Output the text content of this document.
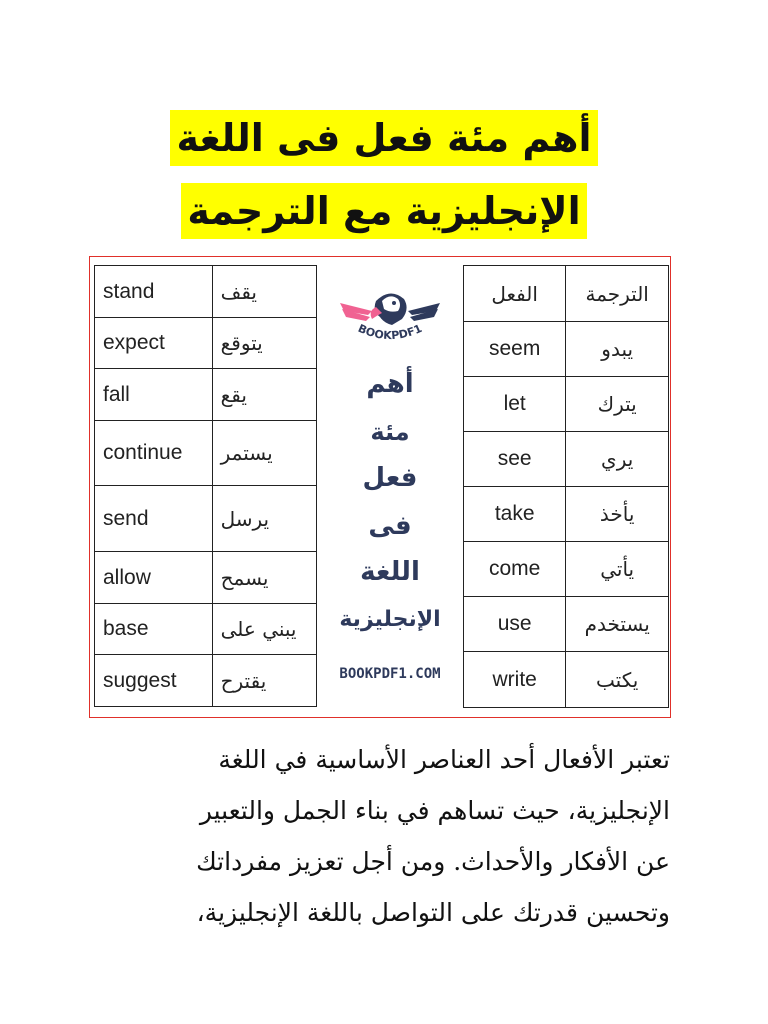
أهم مئة فعل فى اللغة
الإنجليزية مع الترجمة
stand	يقف
expect	يتوقع
fall	يقع
continue	يستمر
send	يرسل
allow	يسمح
base	يبني على
suggest	يقترح
BOOKPDF1
أهم
مئة
فعل
فى
اللغة
الإنجليزية
BOOKPDF1.COM
الفعل	الترجمة
seem	يبدو
let	يترك
see	يري
take	يأخذ
come	يأتي
use	يستخدم
write	يكتب
تعتبر الأفعال أحد العناصر الأساسية في اللغة
الإنجليزية، حيث تساهم في بناء الجمل والتعبير
عن الأفكار والأحداث. ومن أجل تعزيز مفرداتك
وتحسين قدرتك على التواصل باللغة الإنجليزية،
